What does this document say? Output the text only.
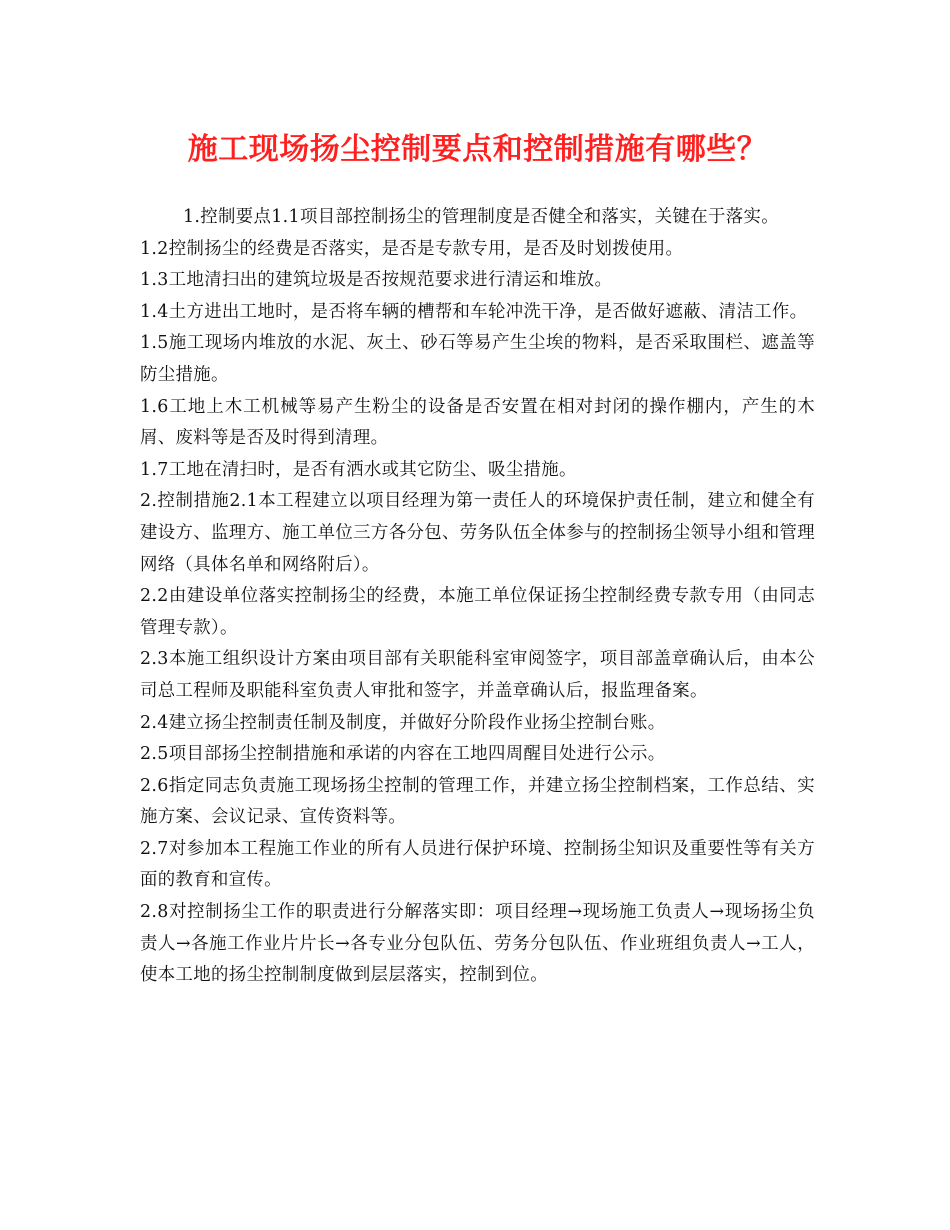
施工现场扬尘控制要点和控制措施有哪些？

1.控制要点1.1项目部控制扬尘的管理制度是否健全和落实，关键在于落实。

1.2控制扬尘的经费是否落实，是否是专款专用，是否及时划拨使用。

1.3工地清扫出的建筑垃圾是否按规范要求进行清运和堆放。

1.4土方进出工地时，是否将车辆的槽帮和车轮冲洗干净，是否做好遮蔽、清洁工作。

1.5施工现场内堆放的水泥、灰土、砂石等易产生尘埃的物料，是否采取围栏、遮盖等防尘措施。

1.6工地上木工机械等易产生粉尘的设备是否安置在相对封闭的操作棚内，产生的木屑、废料等是否及时得到清理。

1.7工地在清扫时，是否有洒水或其它防尘、吸尘措施。

2.控制措施2.1本工程建立以项目经理为第一责任人的环境保护责任制，建立和健全有建设方、监理方、施工单位三方各分包、劳务队伍全体参与的控制扬尘领导小组和管理网络（具体名单和网络附后）。

2.2由建设单位落实控制扬尘的经费，本施工单位保证扬尘控制经费专款专用（由同志管理专款）。

2.3本施工组织设计方案由项目部有关职能科室审阅签字，项目部盖章确认后，由本公司总工程师及职能科室负责人审批和签字，并盖章确认后，报监理备案。

2.4建立扬尘控制责任制及制度，并做好分阶段作业扬尘控制台账。

2.5项目部扬尘控制措施和承诺的内容在工地四周醒目处进行公示。

2.6指定同志负责施工现场扬尘控制的管理工作，并建立扬尘控制档案，工作总结、实施方案、会议记录、宣传资料等。

2.7对参加本工程施工作业的所有人员进行保护环境、控制扬尘知识及重要性等有关方面的教育和宣传。

2.8对控制扬尘工作的职责进行分解落实即：项目经理→现场施工负责人→现场扬尘负责人→各施工作业片片长→各专业分包队伍、劳务分包队伍、作业班组负责人→工人，使本工地的扬尘控制制度做到层层落实，控制到位。
